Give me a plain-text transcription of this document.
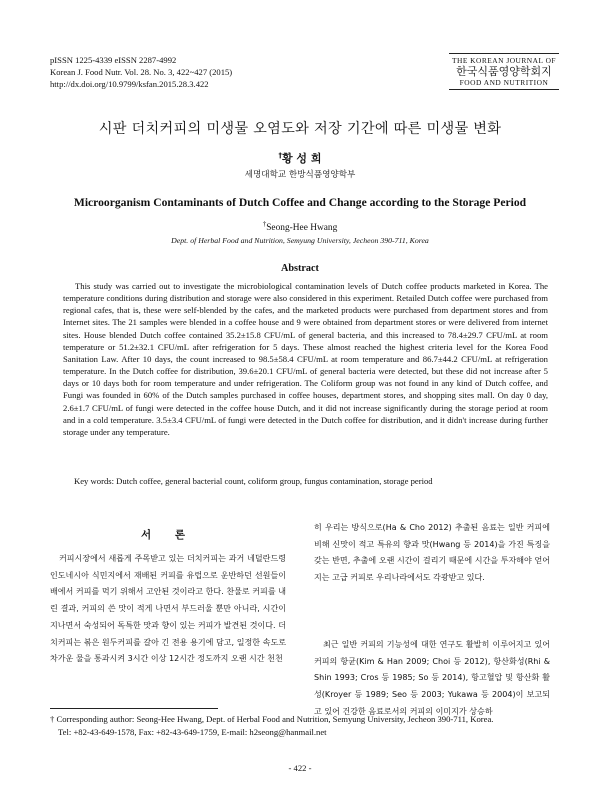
pISSN 1225-4339 eISSN 2287-4992
Korean J. Food Nutr. Vol. 28. No. 3, 422~427 (2015)
http://dx.doi.org/10.9799/ksfan.2015.28.3.422
THE KOREAN JOURNAL OF
한국식품영양학회지
FOOD AND NUTRITION
시판 더치커피의 미생물 오염도와 저장 기간에 따른 미생물 변화
†황 성 희
세명대학교 한방식품영양학부
Microorganism Contaminants of Dutch Coffee and Change according to the Storage Period
†Seong-Hee Hwang
Dept. of Herbal Food and Nutrition, Semyung University, Jecheon 390-711, Korea
Abstract

This study was carried out to investigate the microbiological contamination levels of Dutch coffee products marketed in Korea. The temperature conditions during distribution and storage were also considered in this experiment. Retailed Dutch coffee were purchased from regional cafes, that is, these were self-blended by the cafes, and the marketed products were purchased from department stores and from Internet sites. The 21 samples were blended in a coffee house and 9 were obtained from department stores or were delivered from internet sites. House blended Dutch coffee contained 35.2±15.8 CFU/mL of general bacteria, and this increased to 78.4±29.7 CFU/mL at room temperature or 51.2±32.1 CFU/mL after refrigeration for 5 days. These almost reached the highest criteria level for the Korea Food Sanitation Law. After 10 days, the count increased to 98.5±58.4 CFU/mL at room temperature and 86.7±44.2 CFU/mL at refrigeration temperature. In the Dutch coffee for distribution, 39.6±20.1 CFU/mL of general bacteria were detected, but these did not increase after 5 days or 10 days both for room temperature and under refrigeration. The Coliform group was not found in any kind of Dutch coffee, and Fungi was founded in 60% of the Dutch samples purchased in coffee houses, department stores, and shopping sites mall. On day 0 day, 2.6±1.7 CFU/mL of fungi were detected in the coffee house Dutch, and it did not increase significantly during the storage period at room and in a cold temperature. 3.5±3.4 CFU/mL of fungi were detected in the Dutch coffee for distribution, and it didn't increase during further storage under any temperature.

Key words: Dutch coffee, general bacterial count, coliform group, fungus contamination, storage period
서 론

커피시장에서 새롭게 주목받고 있는 더치커피는 과거 네덜란드령 인도네시아 식민지에서 재배된 커피를 유럽으로 운반하던 선원들이 배에서 커피를 먹기 위해서 고안된 것이라고 한다. 찬물로 커피를 내린 결과, 커피의 쓴 맛이 적게 나면서 부드러울 뿐만 아니라, 시간이 지나면서 숙성되어 독특한 맛과 향이 있는 커피가 발견된 것이다. 더치커피는 볶은 원두커피를 갈아 긴 전용 용기에 담고, 일정한 속도로 차가운 물을 통과시켜 3시간 이상 12시간 정도까지 오랜 시간 천천

히 우리는 방식으로(Ha & Cho 2012) 추출된 음료는 일반 커피에 비해 신맛이 적고 특유의 향과 맛(Hwang 등 2014)을 가진 특징을 갖는 반면, 추출에 오랜 시간이 걸리기 때문에 시간을 투자해야 얻어지는 고급 커피로 우리나라에서도 각광받고 있다.

최근 일반 커피의 기능성에 대한 연구도 활발히 이루어지고 있어 커피의 항균(Kim & Han 2009; Choi 등 2012), 항산화성(Rhi & Shin 1993; Cros 등 1985; So 등 2014), 항고혈압 및 항산화 활성(Kroyer 등 1989; Seo 등 2003; Yukawa 등 2004)이 보고되고 있어 건강한 음료로서의 커피의 이미지가 상승하

† Corresponding author: Seong-Hee Hwang, Dept. of Herbal Food and Nutrition, Semyung University, Jecheon 390-711, Korea.
Tel: +82-43-649-1578, Fax: +82-43-649-1759, E-mail: h2seong@hanmail.net
- 422 -
